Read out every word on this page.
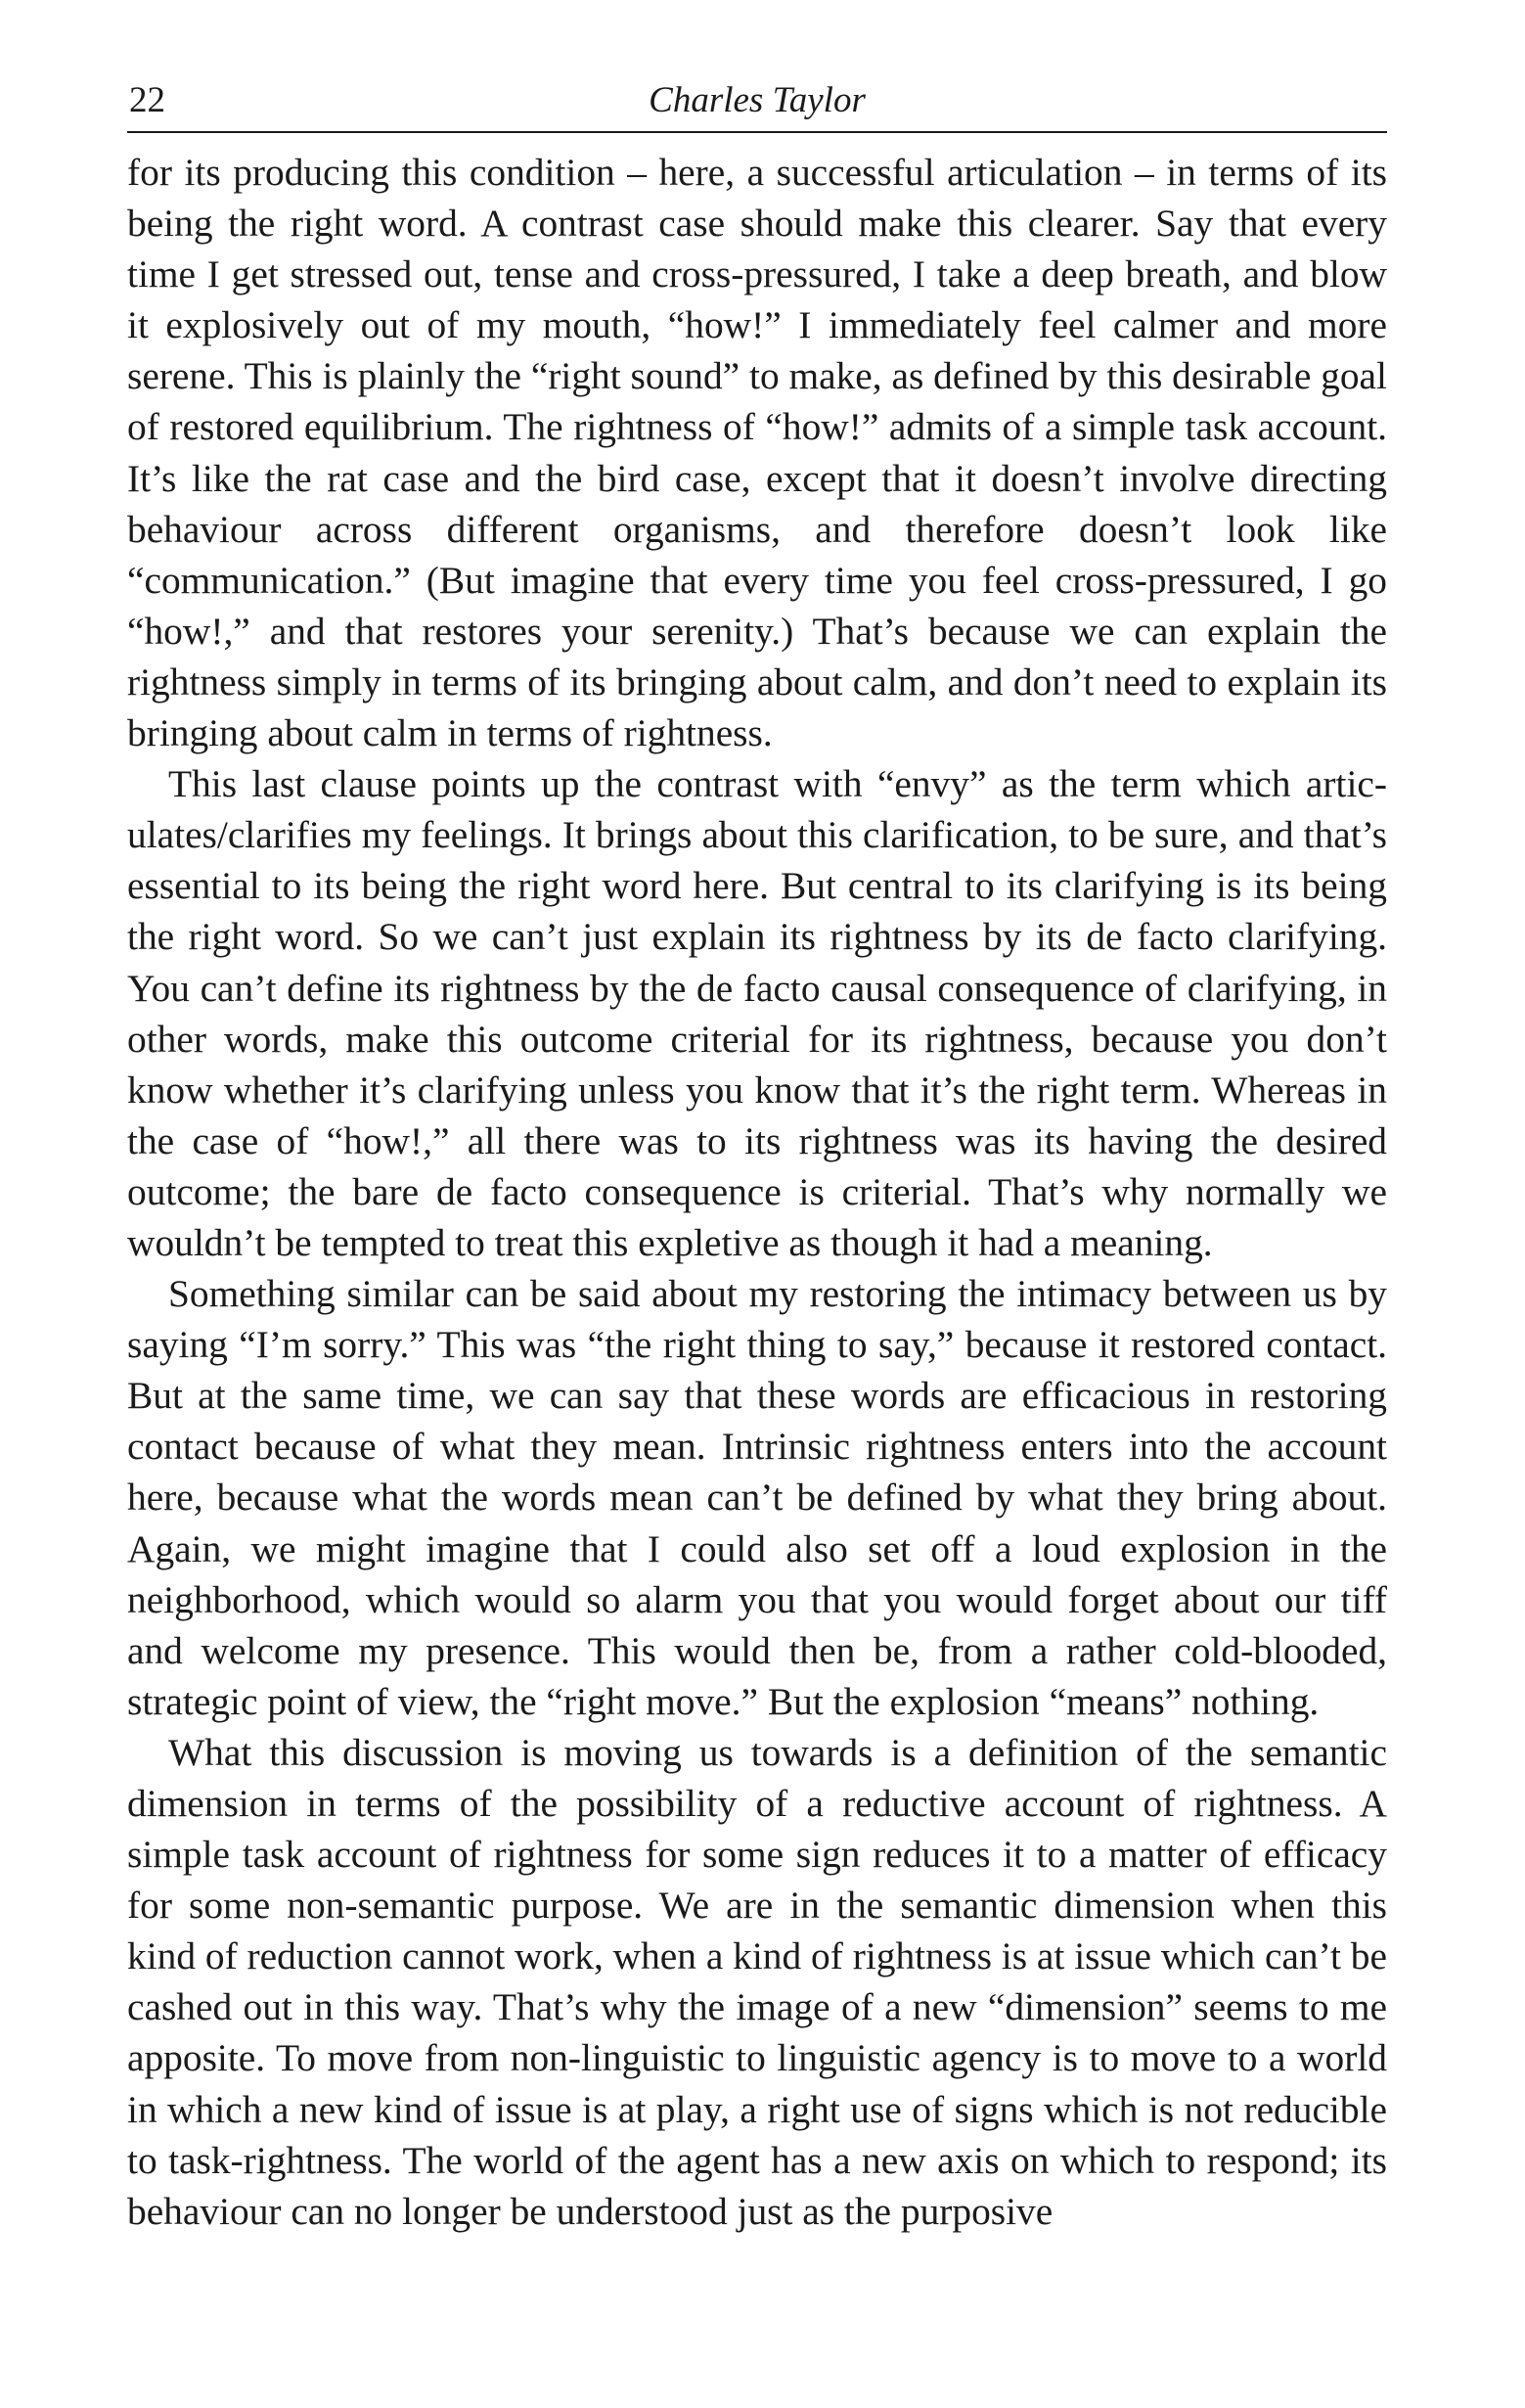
22	Charles Taylor

for its producing this condition – here, a successful articulation – in terms of its being the right word. A contrast case should make this clearer. Say that every time I get stressed out, tense and cross-pressured, I take a deep breath, and blow it explosively out of my mouth, “how!” I immediately feel calmer and more serene. This is plainly the “right sound” to make, as defined by this desirable goal of restored equilibrium. The rightness of “how!” admits of a simple task account. It’s like the rat case and the bird case, except that it doesn’t involve directing behaviour across different organisms, and therefore doesn’t look like “communication.” (But imagine that every time you feel cross-pressured, I go “how!,” and that restores your serenity.) That’s because we can explain the rightness simply in terms of its bringing about calm, and don’t need to explain its bringing about calm in terms of rightness.

This last clause points up the contrast with “envy” as the term which articulates/clarifies my feelings. It brings about this clarification, to be sure, and that’s essential to its being the right word here. But central to its clarifying is its being the right word. So we can’t just explain its rightness by its de facto clarifying. You can’t define its rightness by the de facto causal consequence of clarifying, in other words, make this outcome criterial for its rightness, because you don’t know whether it’s clarifying unless you know that it’s the right term. Whereas in the case of “how!,” all there was to its rightness was its having the desired outcome; the bare de facto consequence is criterial. That’s why normally we wouldn’t be tempted to treat this expletive as though it had a meaning.

Something similar can be said about my restoring the intimacy between us by saying “I’m sorry.” This was “the right thing to say,” because it restored contact. But at the same time, we can say that these words are efficacious in restoring contact because of what they mean. Intrinsic rightness enters into the account here, because what the words mean can’t be defined by what they bring about. Again, we might imagine that I could also set off a loud explosion in the neighborhood, which would so alarm you that you would forget about our tiff and welcome my presence. This would then be, from a rather cold-blooded, strategic point of view, the “right move.” But the explosion “means” nothing.

What this discussion is moving us towards is a definition of the semantic dimension in terms of the possibility of a reductive account of rightness. A simple task account of rightness for some sign reduces it to a matter of efficacy for some non-semantic purpose. We are in the semantic dimension when this kind of reduction cannot work, when a kind of rightness is at issue which can’t be cashed out in this way. That’s why the image of a new “dimension” seems to me apposite. To move from non-linguistic to linguistic agency is to move to a world in which a new kind of issue is at play, a right use of signs which is not reducible to task-rightness. The world of the agent has a new axis on which to respond; its behaviour can no longer be understood just as the purposive
